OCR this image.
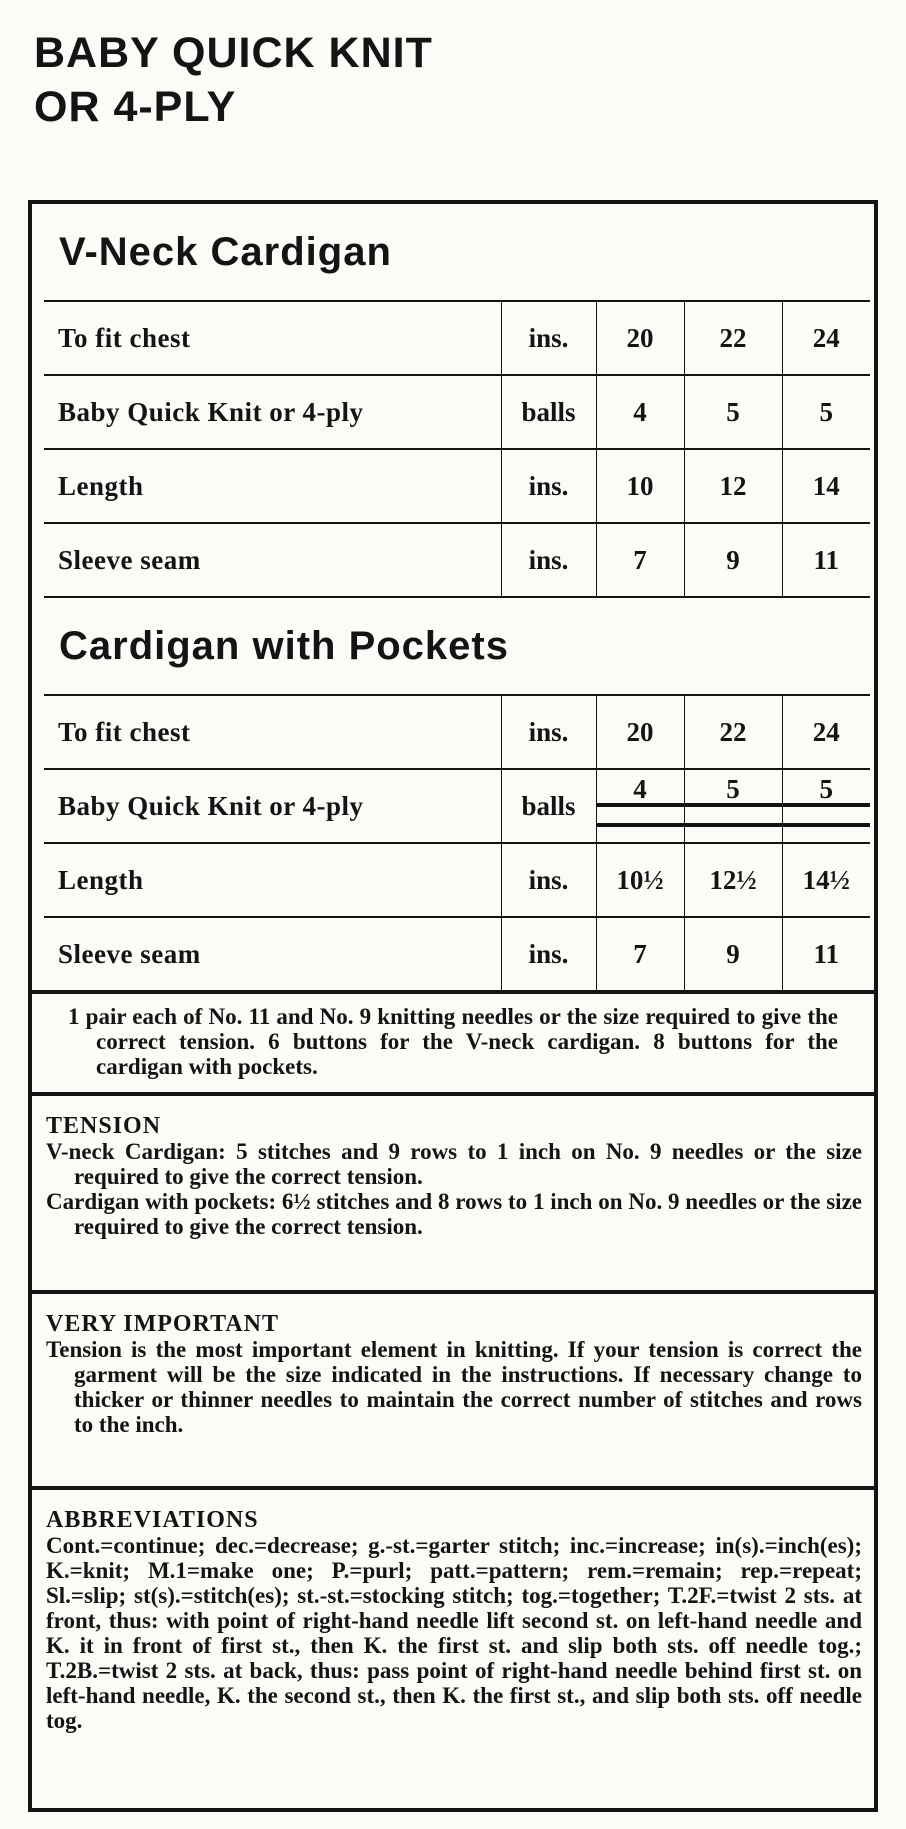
BABY QUICK KNIT
OR 4-PLY
V-Neck Cardigan
To fit chest	ins.	20	22	24
Baby Quick Knit or 4-ply	balls	4	5	5
Length	ins.	10	12	14
Sleeve seam	ins.	7	9	11
Cardigan with Pockets
To fit chest	ins.	20	22	24
Baby Quick Knit or 4-ply	balls	4	5	5

Length	ins.	10½	12½	14½
Sleeve seam	ins.	7	9	11
1 pair each of No. 11 and No. 9 knitting needles or the size required to give the correct tension. 6 buttons for the V-neck cardigan. 8 buttons for the cardigan with pockets.
TENSION
V-neck Cardigan: 5 stitches and 9 rows to 1 inch on No. 9 needles or the size required to give the correct tension.
Cardigan with pockets: 6½ stitches and 8 rows to 1 inch on No. 9 needles or the size required to give the correct tension.
VERY IMPORTANT
Tension is the most important element in knitting. If your tension is correct the garment will be the size indicated in the instructions. If necessary change to thicker or thinner needles to maintain the correct number of stitches and rows to the inch.
ABBREVIATIONS
Cont.=continue; dec.=decrease; g.-st.=garter stitch; inc.=increase; in(s).=inch(es); K.=knit; M.1=make one; P.=purl; patt.=pattern; rem.=remain; rep.=repeat; Sl.=slip; st(s).=stitch(es); st.-st.=stocking stitch; tog.=together; T.2F.=twist 2 sts. at front, thus: with point of right-hand needle lift second st. on left-hand needle and K. it in front of first st., then K. the first st. and slip both sts. off needle tog.; T.2B.=twist 2 sts. at back, thus: pass point of right-hand needle behind first st. on left-hand needle, K. the second st., then K. the first st., and slip both sts. off needle tog.
